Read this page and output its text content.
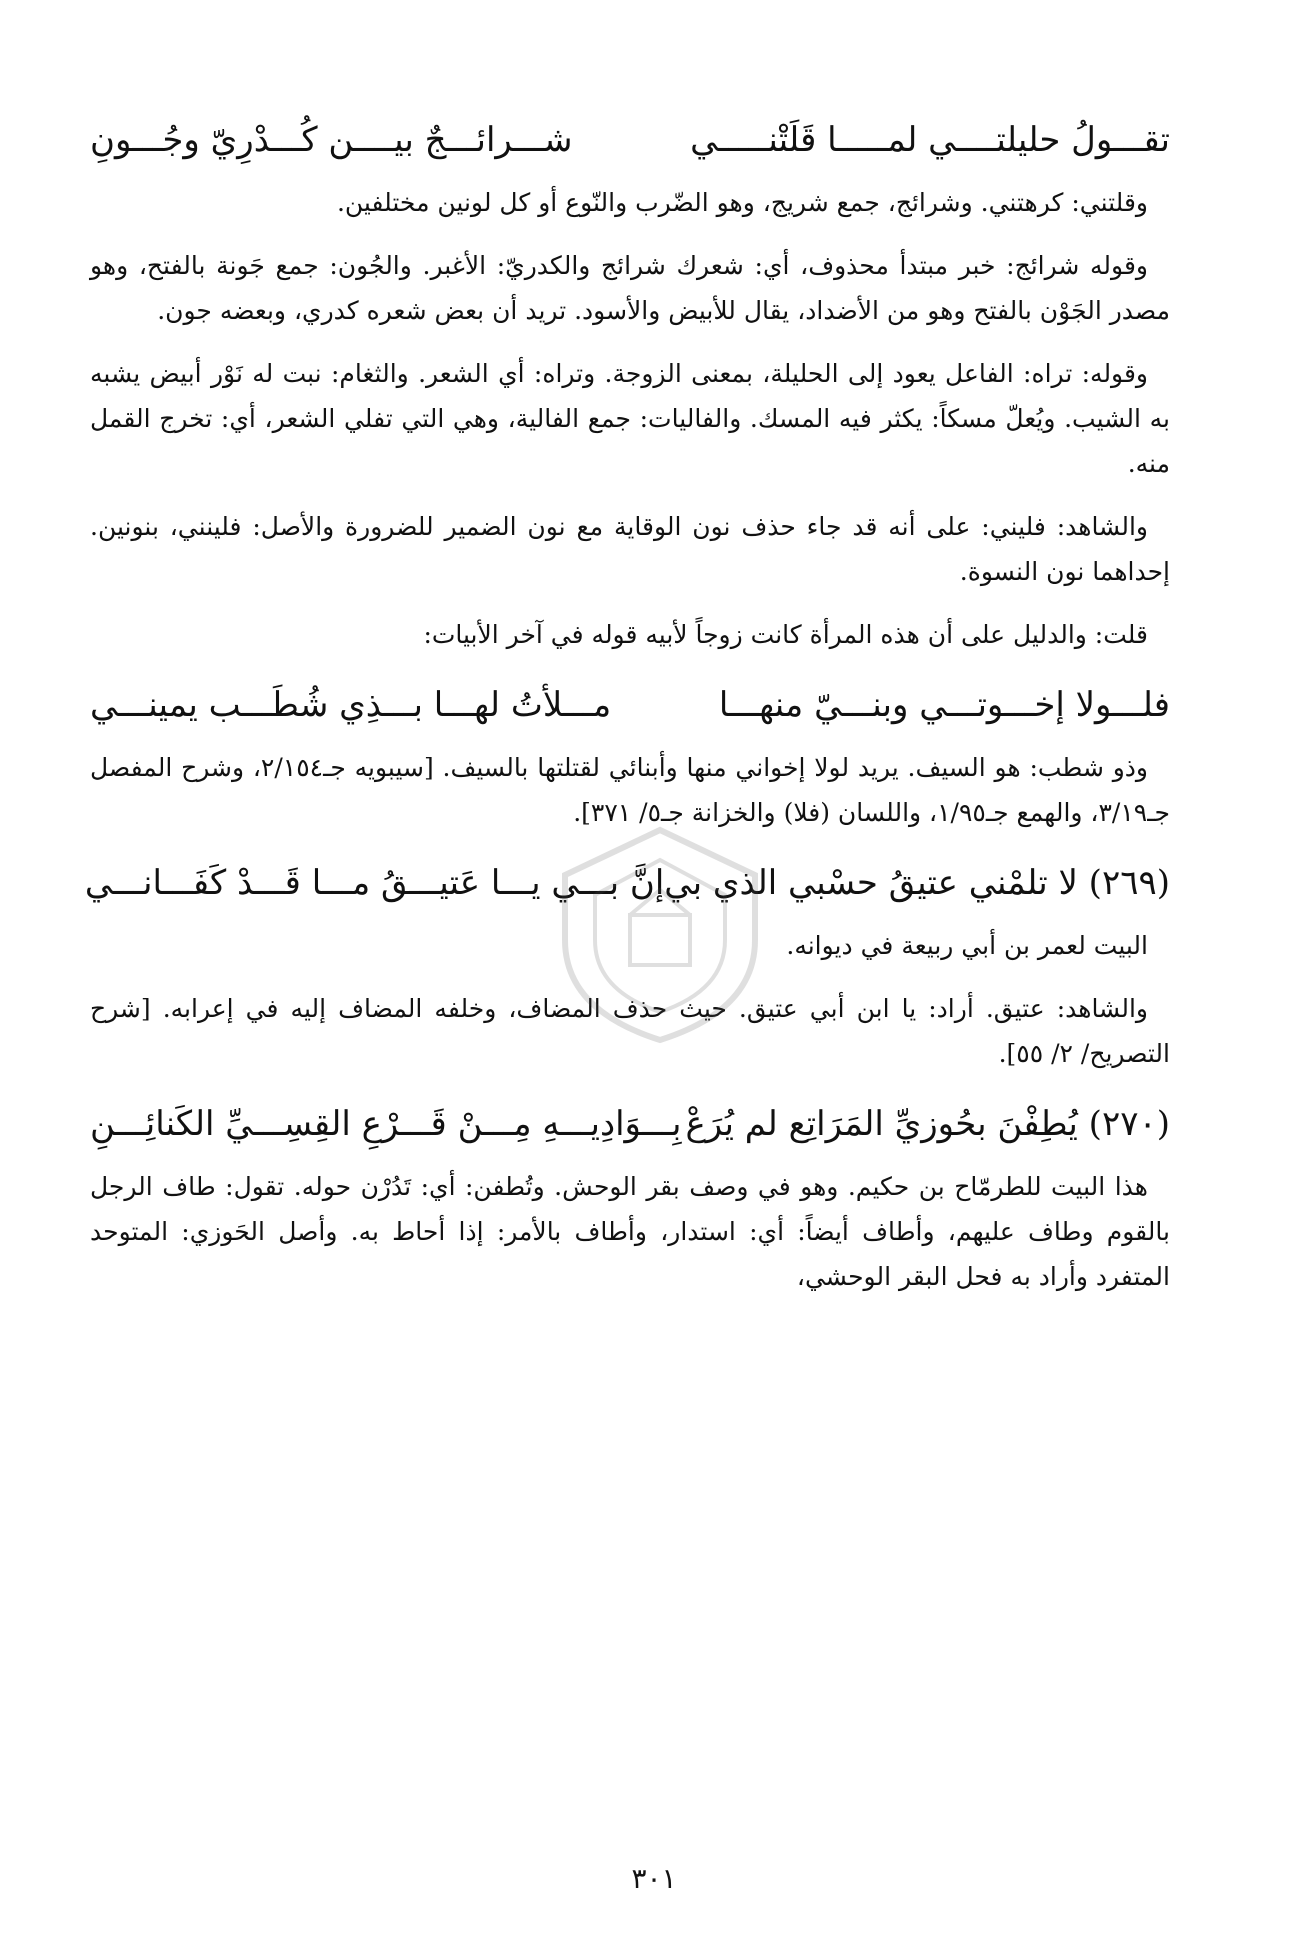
تقـــولُ حليلتــــي لمـــــا قَلَتْنـــــي
شـــرائـــجٌ بيــــن كُـــدْرِيّ وجُـــونِ

وقلتني: كرهتني. وشرائج، جمع شريج، وهو الضّرب والنّوع أو كل لونين مختلفين.

وقوله شرائج: خبر مبتدأ محذوف، أي: شعرك شرائج والكدريّ: الأغبر. والجُون: جمع جَونة بالفتح، وهو مصدر الجَوْن بالفتح وهو من الأضداد، يقال للأبيض والأسود. تريد أن بعض شعره كدري، وبعضه جون.

وقوله: تراه: الفاعل يعود إلى الحليلة، بمعنى الزوجة. وتراه: أي الشعر. والثغام: نبت له نَوْر أبيض يشبه به الشيب. ويُعلّ مسكاً: يكثر فيه المسك. والفاليات: جمع الفالية، وهي التي تفلي الشعر، أي: تخرج القمل منه.

والشاهد: فليني: على أنه قد جاء حذف نون الوقاية مع نون الضمير للضرورة والأصل: فلينني، بنونين. إحداهما نون النسوة.

قلت: والدليل على أن هذه المرأة كانت زوجاً لأبيه قوله في آخر الأبيات:

فلـــولا إخـــوتـــي وبنـــيّ منهـــا
مـــلأتُ لهـــا بـــذِي شُطَـــب يمينـــي

وذو شطب: هو السيف. يريد لولا إخواني منها وأبنائي لقتلتها بالسيف. [سيبويه جـ٢/١٥٤، وشرح المفصل جـ٣/١٩، والهمع جـ١/٩٥، واللسان (فلا) والخزانة جـ٥/ ٣٧١].

(٢٦٩) لا تلمْني عتيقُ حسْبي الذي بي
إنَّ بـــي يـــا عَتيـــقُ مـــا قَـــدْ كَفَـــانـــي

البيت لعمر بن أبي ربيعة في ديوانه.

والشاهد: عتيق. أراد: يا ابن أبي عتيق. حيث حذف المضاف، وخلفه المضاف إليه في إعرابه. [شرح التصريح/ ٢/ ٥٥].

(٢٧٠) يُطِفْنَ بحُوزيِّ المَرَاتِع لم يُرَعْ
بِـــوَادِيـــهِ مِـــنْ قَـــرْعِ القِسِـــيِّ الكَنائِـــنِ

هذا البيت للطرمّاح بن حكيم. وهو في وصف بقر الوحش. وتُطفن: أي: تَدُرْن حوله. تقول: طاف الرجل بالقوم وطاف عليهم، وأطاف أيضاً: أي: استدار، وأطاف بالأمر: إذا أحاط به. وأصل الحَوزي: المتوحد المتفرد وأراد به فحل البقر الوحشي،

٣٠١
